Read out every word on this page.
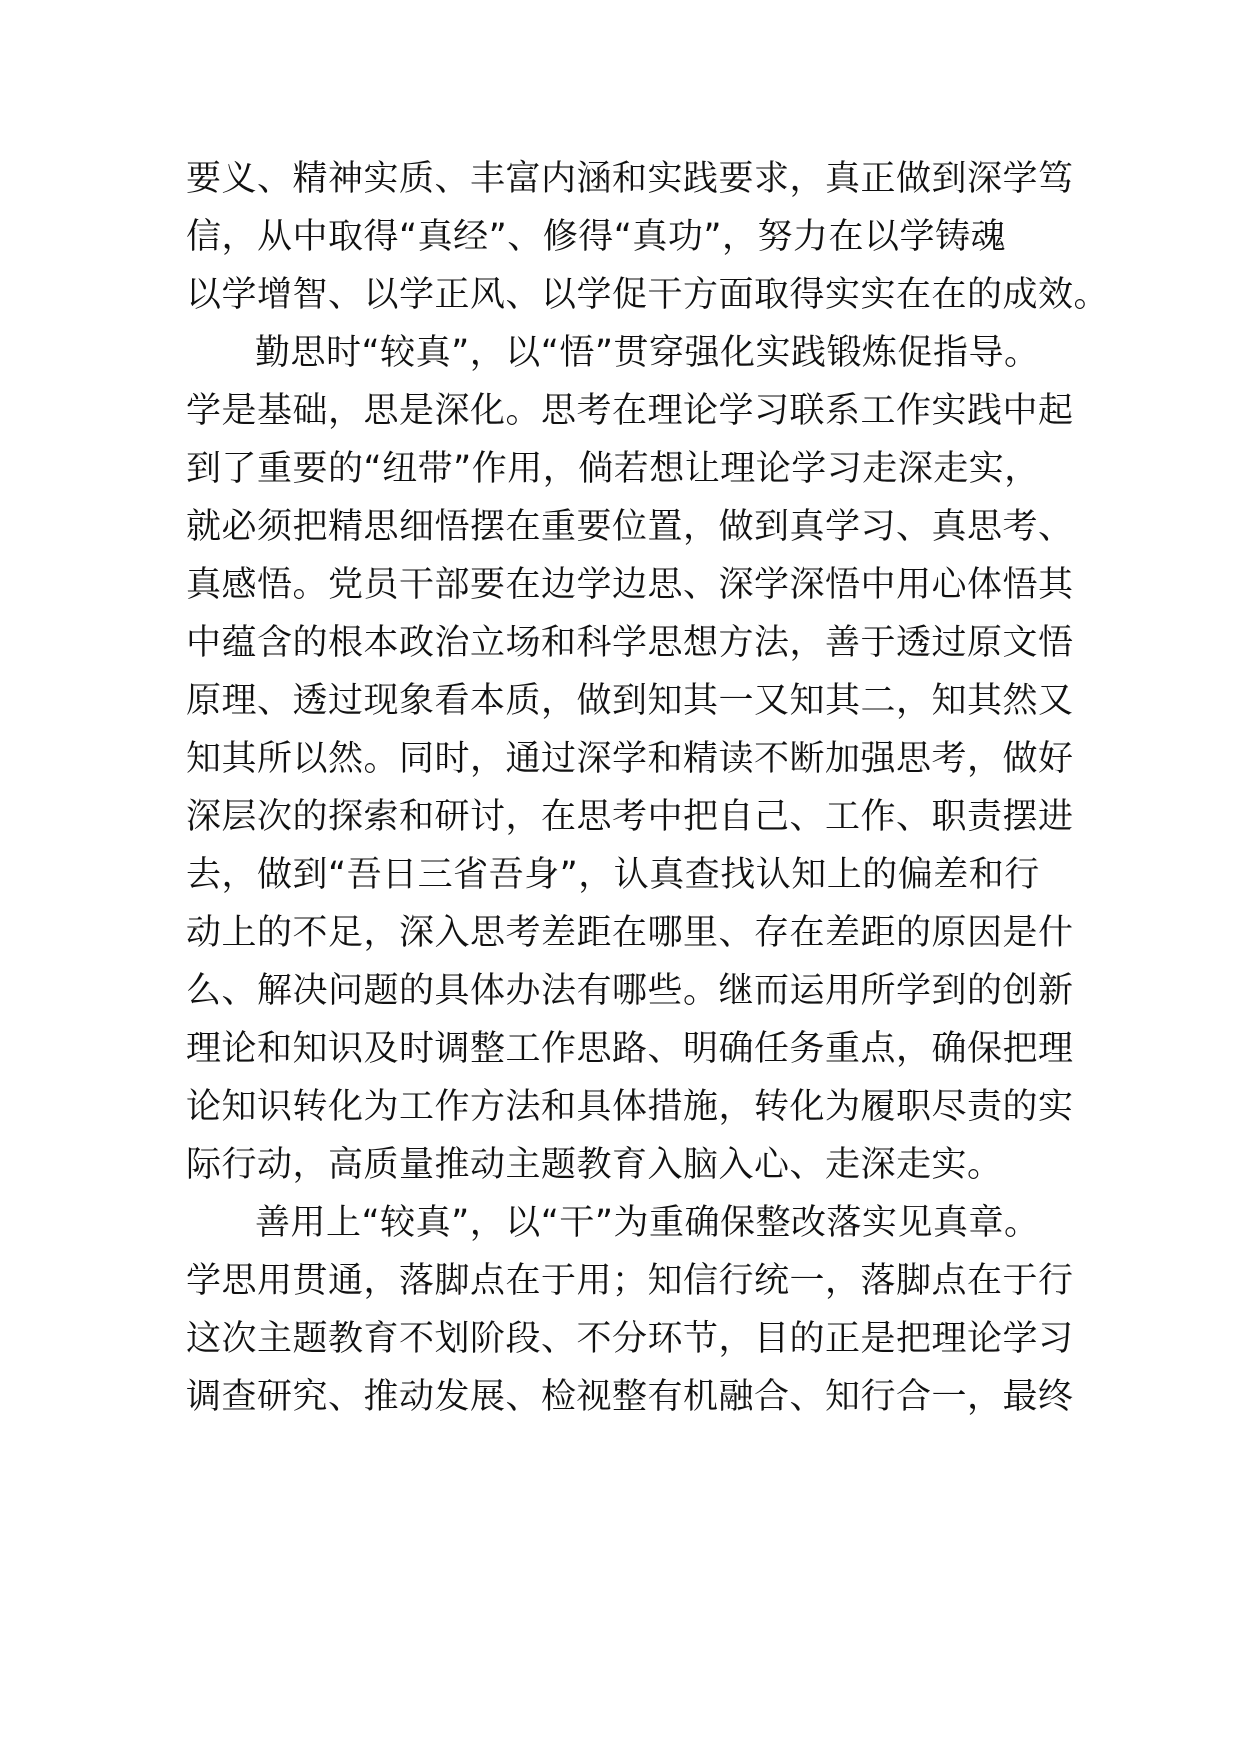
要义、精神实质、丰富内涵和实践要求，真正做到深学笃
信，从中取得“真经”、修得“真功”，努力在以学铸魂
以学增智、以学正风、以学促干方面取得实实在在的成效。
勤思时“较真”，以“悟”贯穿强化实践锻炼促指导。
学是基础，思是深化。思考在理论学习联系工作实践中起
到了重要的“纽带”作用，倘若想让理论学习走深走实，
就必须把精思细悟摆在重要位置，做到真学习、真思考、
真感悟。党员干部要在边学边思、深学深悟中用心体悟其
中蕴含的根本政治立场和科学思想方法，善于透过原文悟
原理、透过现象看本质，做到知其一又知其二，知其然又
知其所以然。同时，通过深学和精读不断加强思考，做好
深层次的探索和研讨，在思考中把自己、工作、职责摆进
去，做到“吾日三省吾身”，认真查找认知上的偏差和行
动上的不足，深入思考差距在哪里、存在差距的原因是什
么、解决问题的具体办法有哪些。继而运用所学到的创新
理论和知识及时调整工作思路、明确任务重点，确保把理
论知识转化为工作方法和具体措施，转化为履职尽责的实
际行动，高质量推动主题教育入脑入心、走深走实。
善用上“较真”，以“干”为重确保整改落实见真章。
学思用贯通，落脚点在于用；知信行统一，落脚点在于行
这次主题教育不划阶段、不分环节，目的正是把理论学习
调查研究、推动发展、检视整有机融合、知行合一，最终
